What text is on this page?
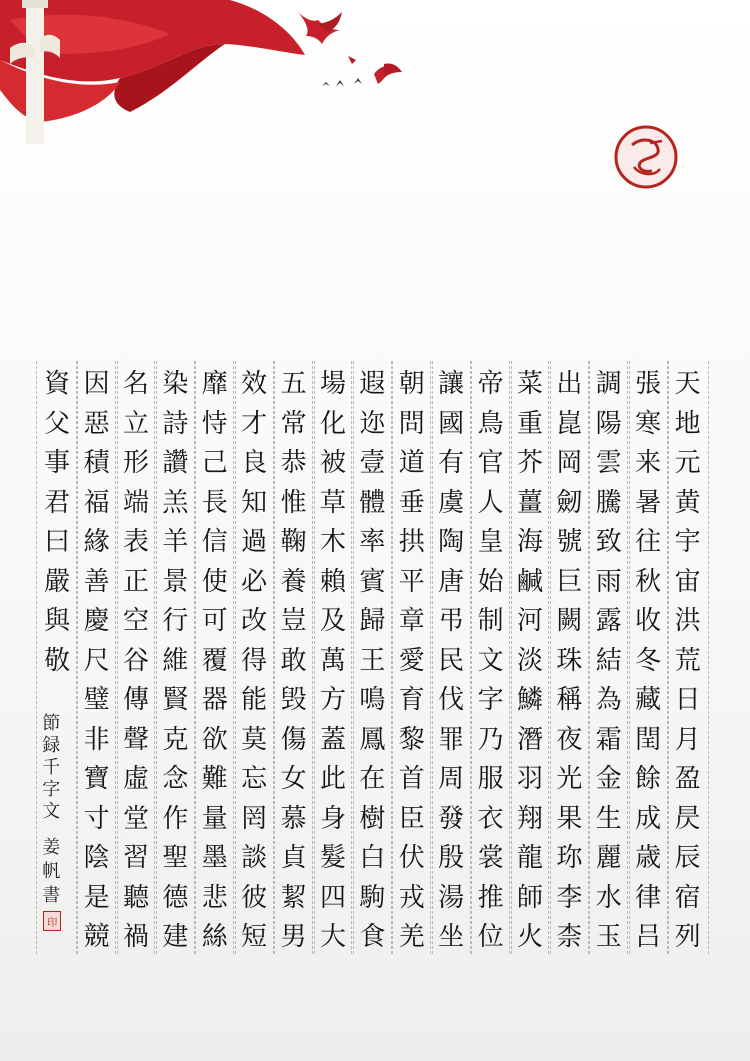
天
地
元
黄
宇
宙
洪
荒
日
月
盈
昃
辰
宿
列
張
寒
来
暑
往
秋
收
冬
藏
閏
餘
成
歳
律
吕
調
陽
雲
騰
致
雨
露
結
為
霜
金
生
麗
水
玉
出
崑
岡
劒
號
巨
闕
珠
稱
夜
光
果
珎
李
柰
菜
重
芥
薑
海
鹹
河
淡
鱗
潛
羽
翔
龍
師
火
帝
鳥
官
人
皇
始
制
文
字
乃
服
衣
裳
推
位
讓
國
有
虞
陶
唐
弔
民
伐
罪
周
發
殷
湯
坐
朝
問
道
垂
拱
平
章
愛
育
黎
首
臣
伏
戎
羌
遐
迩
壹
體
率
賓
歸
王
鳴
鳳
在
樹
白
駒
食
場
化
被
草
木
賴
及
萬
方
蓋
此
身
髮
四
大
五
常
恭
惟
鞠
養
豈
敢
毁
傷
女
慕
貞
絜
男
效
才
良
知
過
必
改
得
能
莫
忘
罔
談
彼
短
靡
恃
己
長
信
使
可
覆
器
欲
難
量
墨
悲
絲
染
詩
讚
羔
羊
景
行
維
賢
克
念
作
聖
德
建
名
立
形
端
表
正
空
谷
傳
聲
虛
堂
習
聽
禍
因
惡
積
福
緣
善
慶
尺
璧
非
寶
寸
陰
是
競
資
父
事
君
曰
嚴
與
敬
節
録
千
字
文
姜
帆
書
印
